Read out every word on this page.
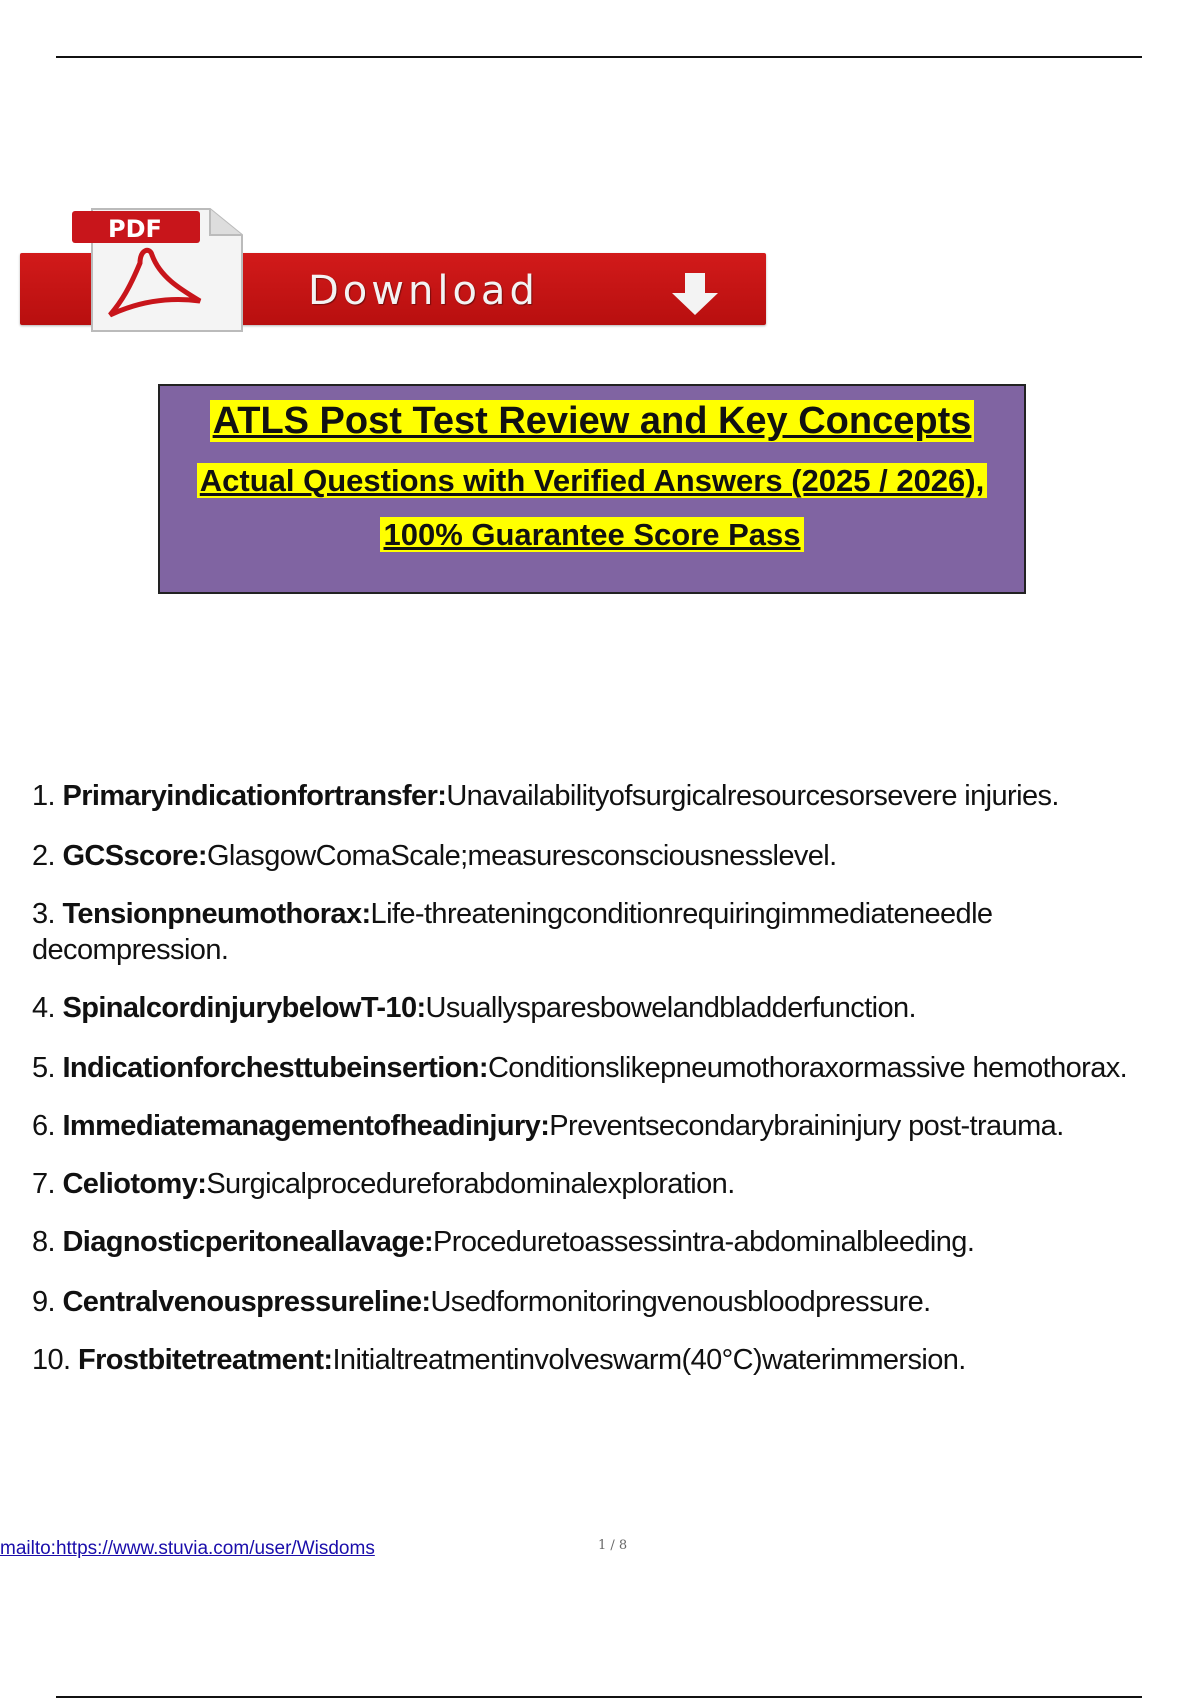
PDF
Download
ATLS Post Test Review and Key Concepts
Actual Questions with Verified Answers (2025 / 2026),
100% Guarantee Score Pass
1. Primaryindicationfortransfer:Unavailabilityofsurgicalresourcesorsevere injuries.
2. GCSscore:GlasgowComaScale;measuresconsciousnesslevel.
3. Tensionpneumothorax:Life-threateningconditionrequiringimmediateneedle decompression.
4. SpinalcordinjurybelowT-10:Usuallysparesbowelandbladderfunction.
5. Indicationforchesttubeinsertion:Conditionslikepneumothoraxormassive hemothorax.
6. Immediatemanagementofheadinjury:Preventsecondarybraininjury post-trauma.
7. Celiotomy:Surgicalprocedureforabdominalexploration.
8. Diagnosticperitoneallavage:Proceduretoassessintra-abdominalbleeding.
9. Centralvenouspressureline:Usedformonitoringvenousbloodpressure.
10. Frostbitetreatment:Initialtreatmentinvolveswarm(40°C)waterimmersion.
mailto:https://www.stuvia.com/user/Wisdoms	1 / 8
